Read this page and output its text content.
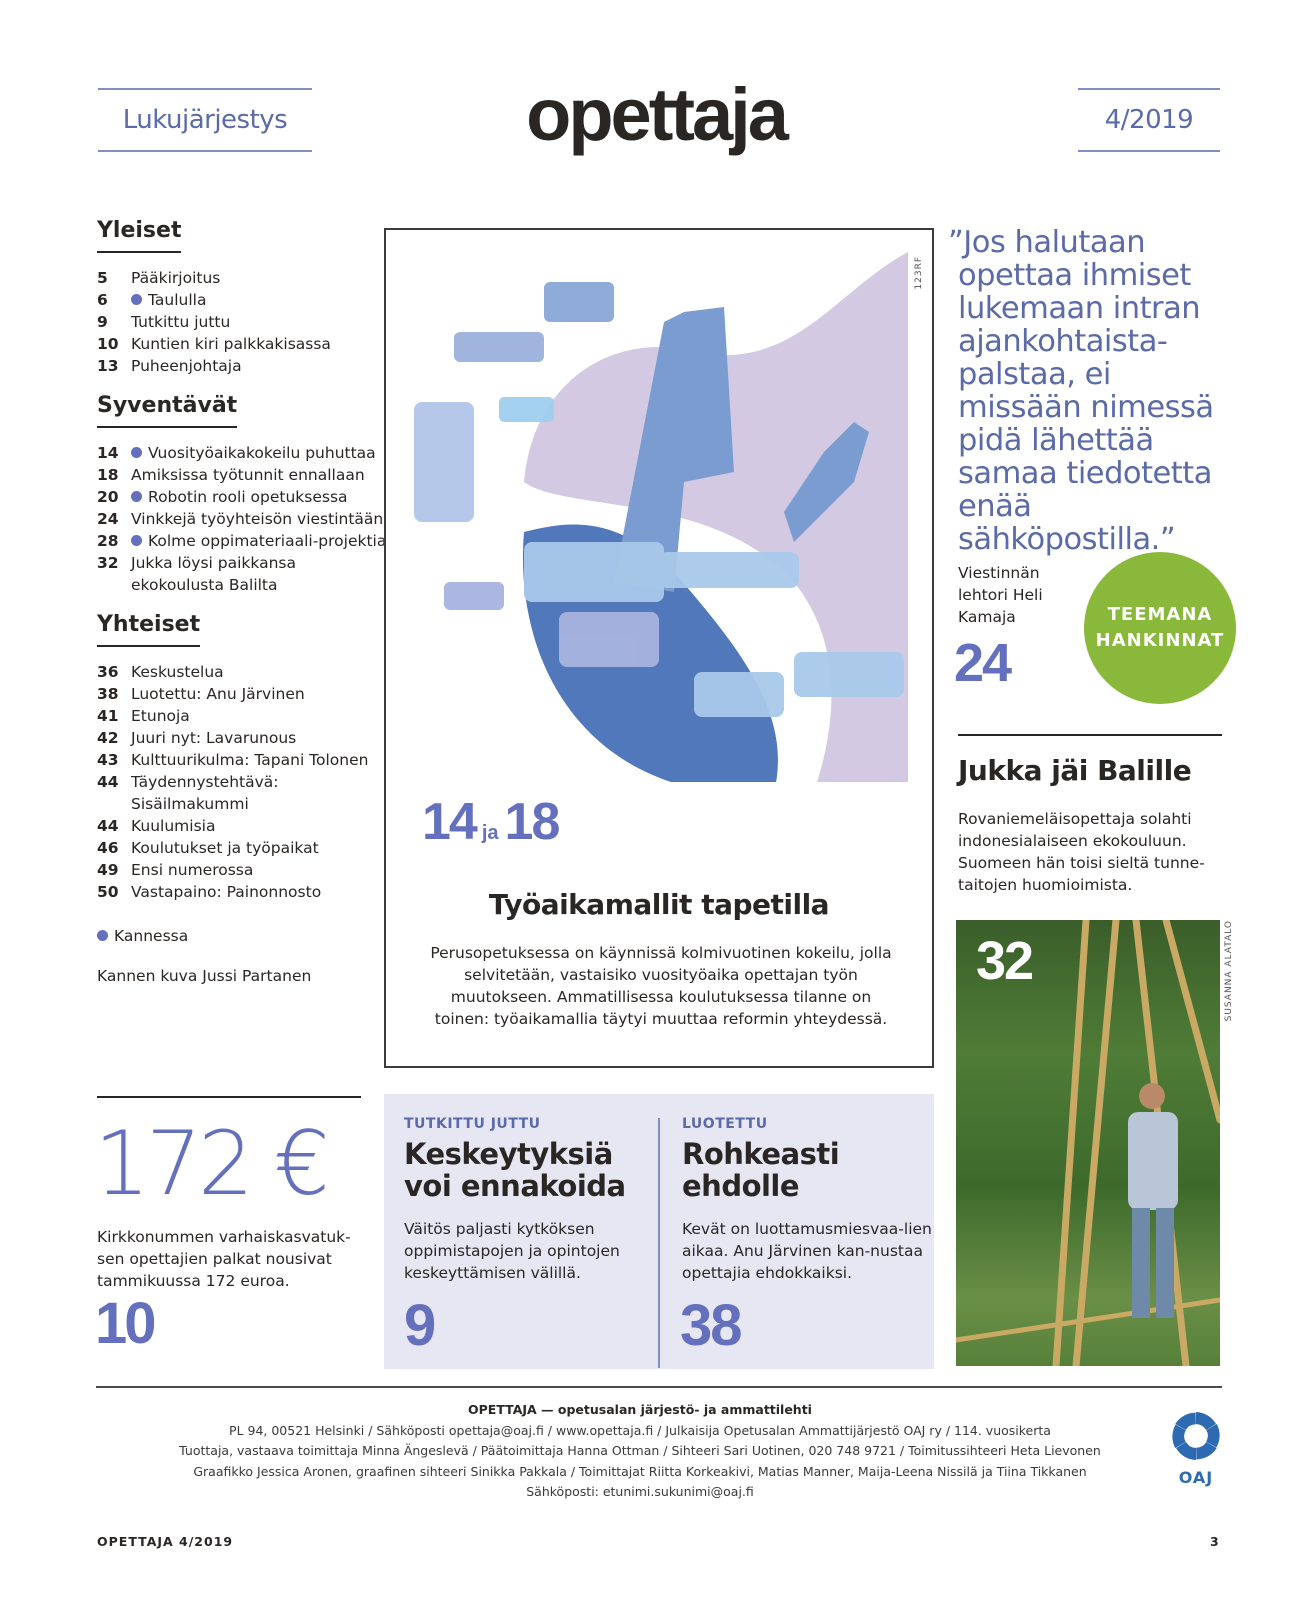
Lukujärjestys	opettaja	4/2019
Yleiset
5	Pääkirjoitus
6	Taululla
9	Tutkittu juttu
10 Kuntien kiri palkkakisassa
13 Puheenjohtaja
Syventävät
14	Vuosityöaikakokeilu puhuttaa
18 Amiksissa työtunnit ennallaan
20	Robotin rooli opetuksessa
24 Vinkkejä työyhteisön viestintään
28	Kolme oppimateriaali-projektia
32 Jukka löysi paikkansa ekokoulusta Balilta
Yhteiset
36 Keskustelua
38 Luotettu: Anu Järvinen
41 Etunoja
42 Juuri nyt: Lavarunous
43 Kulttuurikulma: Tapani Tolonen
44 Täydennystehtävä: Sisäilmakummi
44 Kuulumisia
46 Koulutukset ja työpaikat
49 Ensi numerossa
50 Vastapaino: Painonnosto
Kannessa
Kannen kuva Jussi Partanen
123RF
14 ja 18
Työaikamallit tapetilla
Perusopetuksessa on käynnissä kolmivuotinen kokeilu, jolla selvitetään, vastaisiko vuosityöaika opettajan työn muutokseen. Ammatillisessa koulutuksessa tilanne on toinen: työaikamallia täytyi muuttaa reformin yhteydessä.
”Jos halutaan opettaa ihmiset lukemaan intran ajankohtaista-palstaa, ei missään nimessä pidä lähettää samaa tiedotetta enää sähköpostilla.”
Viestinnän lehtori Heli Kamaja
24
TEEMANA
HANKINNAT
Jukka jäi Balille
Rovaniemeläisopettaja solahti indonesialaiseen ekokouluun. Suomeen hän toisi sieltä tunne-taitojen huomioimista.
32	SUSANNA ALATALO
172 €
Kirkkonummen varhaiskasvatuk-sen opettajien palkat nousivat tammikuussa 172 euroa.
10
TUTKITTU JUTTU
Keskeytyksiä voi ennakoida
Väitös paljasti kytköksen oppimistapojen ja opintojen keskeyttämisen välillä.
9
LUOTETTU
Rohkeasti ehdolle
Kevät on luottamusmiesvaa-lien aikaa. Anu Järvinen kan-nustaa opettajia ehdokkaiksi.
38
OPETTAJA — opetusalan järjestö- ja ammattilehti
PL 94, 00521 Helsinki / Sähköposti opettaja@oaj.fi / www.opettaja.fi / Julkaisija Opetusalan Ammattijärjestö OAJ ry / 114. vuosikerta
Tuottaja, vastaava toimittaja Minna Ängeslevä / Päätoimittaja Hanna Ottman / Sihteeri Sari Uotinen, 020 748 9721 / Toimitussihteeri Heta Lievonen
Graafikko Jessica Aronen, graafinen sihteeri Sinikka Pakkala / Toimittajat Riitta Korkeakivi, Matias Manner, Maija-Leena Nissilä ja Tiina Tikkanen
Sähköposti: etunimi.sukunimi@oaj.fi
OAJ
OPETTAJA 4/2019	3
